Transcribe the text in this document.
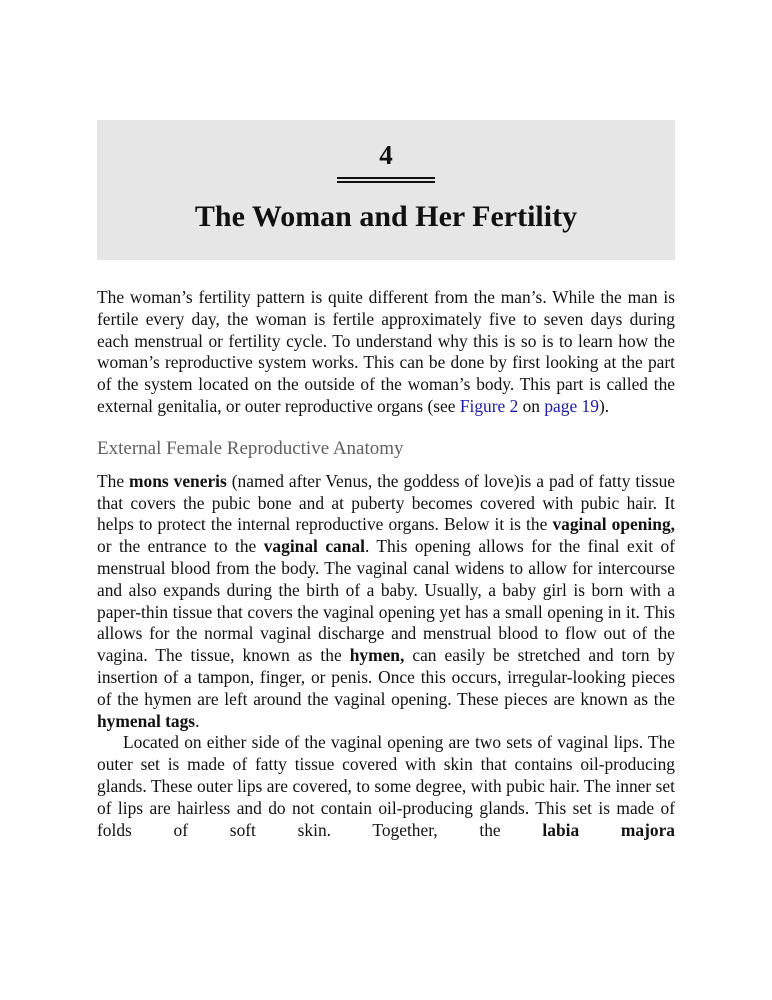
4
The Woman and Her Fertility

The woman’s fertility pattern is quite different from the man’s. While the man is fertile every day, the woman is fertile approximately five to seven days during each menstrual or fertility cycle. To understand why this is so is to learn how the woman’s reproductive system works. This can be done by first looking at the part of the system located on the outside of the woman’s body. This part is called the external genitalia, or outer reproductive organs (see Figure 2 on page 19).

External Female Reproductive Anatomy

The mons veneris (named after Venus, the goddess of love)is a pad of fatty tissue that covers the pubic bone and at puberty becomes covered with pubic hair. It helps to protect the internal reproductive organs. Below it is the vaginal opening, or the entrance to the vaginal canal. This opening allows for the final exit of menstrual blood from the body. The vaginal canal widens to allow for intercourse and also expands during the birth of a baby. Usually, a baby girl is born with a paper-thin tissue that covers the vaginal opening yet has a small opening in it. This allows for the normal vaginal discharge and menstrual blood to flow out of the vagina. The tissue, known as the hymen, can easily be stretched and torn by insertion of a tampon, finger, or penis. Once this occurs, irregular-looking pieces of the hymen are left around the vaginal opening. These pieces are known as the hymenal tags.

Located on either side of the vaginal opening are two sets of vaginal lips. The outer set is made of fatty tissue covered with skin that contains oil-producing glands. These outer lips are covered, to some degree, with pubic hair. The inner set of lips are hairless and do not contain oil-producing glands. This set is made of folds of soft skin. Together, the labia majora
